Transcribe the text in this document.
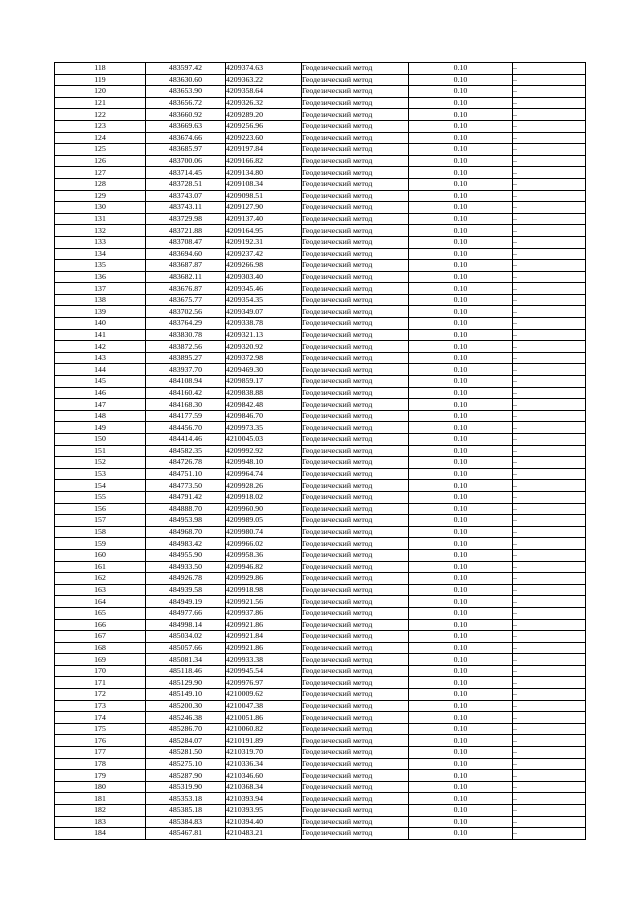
118	483597.42	4209374.63	Геодезический метод	0.10	–
119	483630.60	4209363.22	Геодезический метод	0.10	–
120	483653.90	4209358.64	Геодезический метод	0.10	–
121	483656.72	4209326.32	Геодезический метод	0.10	–
122	483660.92	4209289.20	Геодезический метод	0.10	–
123	483669.63	4209256.96	Геодезический метод	0.10	–
124	483674.66	4209223.60	Геодезический метод	0.10	–
125	483685.97	4209197.84	Геодезический метод	0.10	–
126	483700.06	4209166.82	Геодезический метод	0.10	–
127	483714.45	4209134.80	Геодезический метод	0.10	–
128	483728.51	4209108.34	Геодезический метод	0.10	–
129	483743.07	4209098.51	Геодезический метод	0.10	–
130	483743.11	4209127.90	Геодезический метод	0.10	–
131	483729.98	4209137.40	Геодезический метод	0.10	–
132	483721.88	4209164.95	Геодезический метод	0.10	–
133	483708.47	4209192.31	Геодезический метод	0.10	–
134	483694.60	4209237.42	Геодезический метод	0.10	–
135	483687.87	4209266.98	Геодезический метод	0.10	–
136	483682.11	4209303.40	Геодезический метод	0.10	–
137	483676.87	4209345.46	Геодезический метод	0.10	–
138	483675.77	4209354.35	Геодезический метод	0.10	–
139	483702.56	4209349.07	Геодезический метод	0.10	–
140	483764.29	4209338.78	Геодезический метод	0.10	–
141	483830.78	4209321.13	Геодезический метод	0.10	–
142	483872.56	4209320.92	Геодезический метод	0.10	–
143	483895.27	4209372.98	Геодезический метод	0.10	–
144	483937.70	4209469.30	Геодезический метод	0.10	–
145	484108.94	4209859.17	Геодезический метод	0.10	–
146	484160.42	4209838.88	Геодезический метод	0.10	–
147	484168.30	4209842.48	Геодезический метод	0.10	–
148	484177.59	4209846.70	Геодезический метод	0.10	–
149	484456.70	4209973.35	Геодезический метод	0.10	–
150	484414.46	4210045.03	Геодезический метод	0.10	–
151	484582.35	4209992.92	Геодезический метод	0.10	–
152	484726.78	4209948.10	Геодезический метод	0.10	–
153	484751.10	4209964.74	Геодезический метод	0.10	–
154	484773.50	4209928.26	Геодезический метод	0.10	–
155	484791.42	4209918.02	Геодезический метод	0.10	–
156	484888.70	4209960.90	Геодезический метод	0.10	–
157	484953.98	4209989.05	Геодезический метод	0.10	–
158	484968.70	4209980.74	Геодезический метод	0.10	–
159	484983.42	4209966.02	Геодезический метод	0.10	–
160	484955.90	4209958.36	Геодезический метод	0.10	–
161	484933.50	4209946.82	Геодезический метод	0.10	–
162	484926.78	4209929.86	Геодезический метод	0.10	–
163	484939.58	4209918.98	Геодезический метод	0.10	–
164	484949.19	4209921.56	Геодезический метод	0.10	–
165	484977.66	4209937.86	Геодезический метод	0.10	–
166	484998.14	4209921.86	Геодезический метод	0.10	–
167	485034.02	4209921.84	Геодезический метод	0.10	–
168	485057.66	4209921.86	Геодезический метод	0.10	–
169	485081.34	4209933.38	Геодезический метод	0.10	–
170	485118.46	4209945.54	Геодезический метод	0.10	–
171	485129.90	4209976.97	Геодезический метод	0.10	–
172	485149.10	4210009.62	Геодезический метод	0.10	–
173	485200.30	4210047.38	Геодезический метод	0.10	–
174	485246.38	4210051.86	Геодезический метод	0.10	–
175	485286.70	4210060.82	Геодезический метод	0.10	–
176	485284.07	4210191.89	Геодезический метод	0.10	–
177	485281.50	4210319.70	Геодезический метод	0.10	–
178	485275.10	4210336.34	Геодезический метод	0.10	–
179	485287.90	4210346.60	Геодезический метод	0.10	–
180	485319.90	4210368.34	Геодезический метод	0.10	–
181	485353.18	4210393.94	Геодезический метод	0.10	–
182	485385.18	4210393.95	Геодезический метод	0.10	–
183	485384.83	4210394.40	Геодезический метод	0.10	–
184	485467.81	4210483.21	Геодезический метод	0.10	–
